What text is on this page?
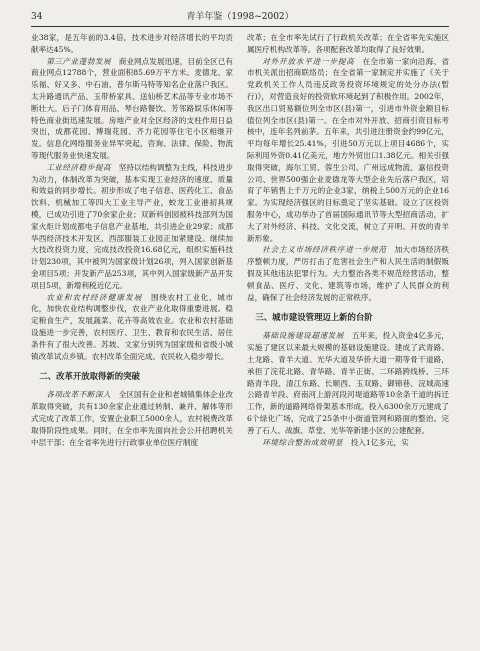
34	青羊年鉴（1998~2002）

业38家，是五年前的3.4倍，技术进步对经济增长的平均贡献率达45%。

第三产业蓬勃发展　 商业网点发展迅速，目前全区已有商业网点12788个，营业面积85.69万平方米。麦德龙、家乐福、好又多、中石油、普尔斯马特等知名企业落户我区。太升路通讯产品、玉带桥家具、送仙桥艺术品等专业市场不断壮大。后子门体育用品、琴台路餐饮、芳邻路娱乐休闲等特色商业街迅速发展。房地产业对全区经济的支柱作用日益突出，成都花园、博瑞花园、齐力花园等住宅小区相继开发。信息化网络服务业异军突起，咨询、法律、保险、物流等现代服务业快速发展。

工业经济稳步提高　 坚持以结构调整为主线，科技进步为动力，体制改革为突破，基本实现工业经济的速度、质量和效益的同步增长。初步形成了电子信息、医药化工、食品饮料、机械加工等四大工业主导产业，蛟龙工业港初具规模，已成功引进了70余家企业；双新科创园被科技部列为国家火炬计划成都电子信息产业基地，共引进企业29家；成都华西经济技术开发区、西部服装工业园正加紧建设。继续加大技改投资力度，完成技改投资16.68亿元，组织实施科技计划230项，其中被列为国家级计划26项，列入国家创新基金项目5项；开发新产品253项，其中列入国家级新产品开发项目5项，新增利税近亿元。

农业和农村经济健康发展　 围绕农村工业化、城市化，加快农业结构调整步伐，农业产业化取得重要进展。稳定粮食生产，发展蔬菜、花卉等高效农业。农业和农村基础设施进一步完善，农村医疗、卫生、教育和农民生活、居住条件有了很大改善。苏坡、文家分别列为国家级和省级小城镇改革试点乡镇。农村改革全面完成。农民收入稳步增长。

二、改革开放取得新的突破

各项改革不断深入　 全区国有企业和老城镇集体企业改革取得突破，共有130余家企业通过转制、兼并、解体等形式完成了改革工作，安置企业职工5000余人，农村税费改革取得阶段性成果。同时，在全市率先面向社会公开招聘机关中层干部；在全省率先进行行政事业单位医疗制度

改革；在全市率先试行了行政机关改革；在全省率先实施区属医疗机构改革等。各项配套改革均取得了良好效果。

对外开放水平进一步提高　 在全市第一家向沿海、省市机关派出招商联络员；在全省第一家制定并实施了《关于党政机关工作人员违反政务投资环境规定的处分办法(暂行)》，对营造良好的投资软环境起到了积极作用。2002年，我区出口贸易额位列全市区(县)第一，引进市外资金额目标值位列全市区(县)第一。在全市对外开放、招商引资目标考核中，连年名列前茅。五年来，共引进注册资金约99亿元，平均每年增长25.41%，引进50万元以上项目4686个，实际利用外资0.41亿美元，地方外贸出口1.38亿元。相关引强取得突破，海尔工贸、蓉生公司、广州远成物流、嘉信投资公司、世界500强企业麦德龙等大型企业先后落户我区，培育了年销售上千万元的企业3家，纳税上500万元的企业16家。为实现经济强区的目标奠定了坚实基础。设立了区投资服务中心，成功举办了首届国际通讯节等大型招商活动，扩大了对外经济、科技、文化交流，树立了开明、开放的青羊新形象。

社会主义市场经济秩序进一步规范　 加大市场经济秩序整顿力度，严厉打击了危害社会生产和人民生活的制假贩假及其他违法犯罪行为。大力整治各类不规范经营活动，整顿食品、医疗、文化、建筑等市场，维护了人民群众的利益，确保了社会经济发展的正常秩序。

三、城市建设管理迈上新的台阶

基础设施建设超速发展　 五年来，投入资金4亿多元，实施了建区以来最大规模的基础设施建设。建成了武青路、土龙路、青羊大道、光华大道及华侨大道一期等骨干道路，承担了浣花北路、青华路、青羊正街、二环路跨线桥、三环路青羊段、清江东路、长顺西、玉双路、御锦巷、浣城高速公路青羊段、府南河上游河段河堤道路等10余条干道的拆迁工作，新的道路网络骨架基本形成。投入6300余万元建成了6个绿化广场，完成了25条中小街道管网和路面的整治。完善了石人、战旗、草堂、光华等新建小区的公建配套。

环境综合整治成效明显　 投入1亿多元，实
